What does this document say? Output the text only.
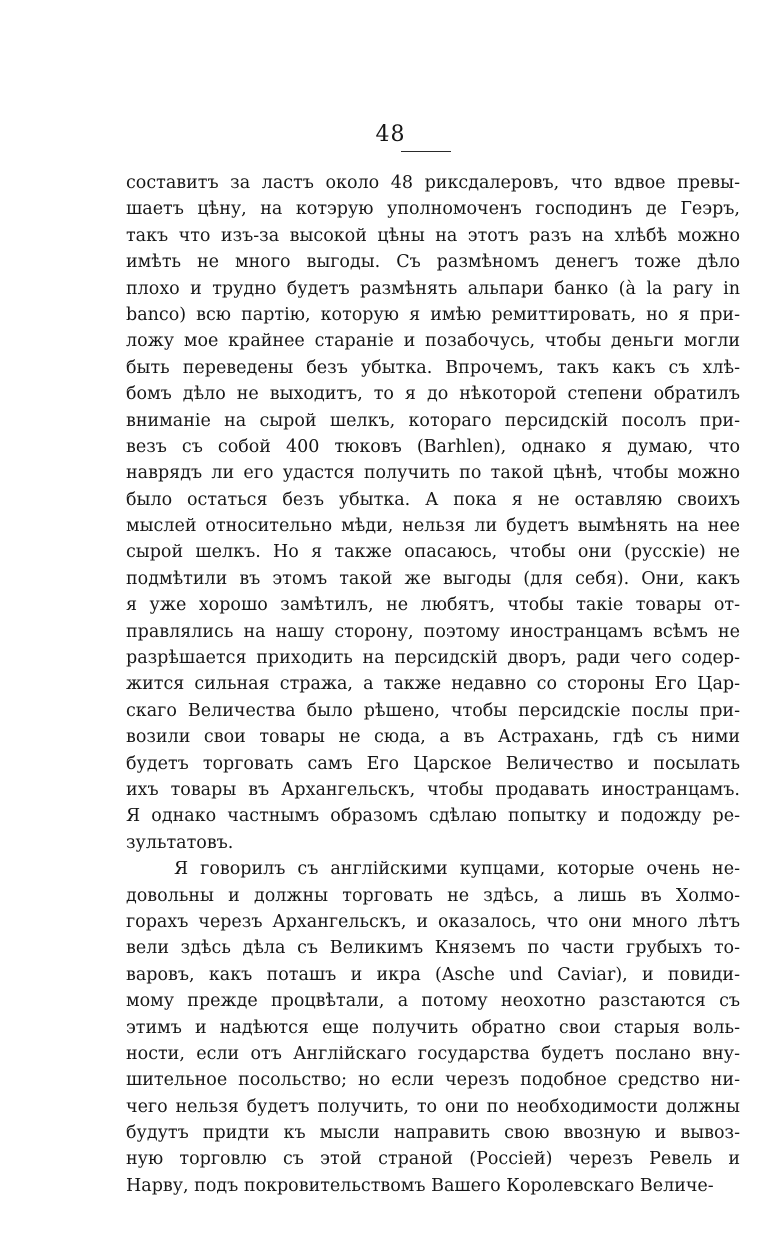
48
составитъ за ластъ около 48 риксдалеровъ, что вдвое превы-
шаетъ цѣну, на котэрую уполномоченъ господинъ де Геэръ,
такъ что изъ-за высокой цѣны на этотъ разъ на хлѣбѣ можно
имѣть не много выгоды. Съ размѣномъ денегъ тоже дѣло
плохо и трудно будетъ размѣнять альпари банко (à la pary in
banco) всю партію, которую я имѣю ремиттировать, но я при-
ложу мое крайнее стараніе и позабочусь, чтобы деньги могли
быть переведены безъ убытка. Впрочемъ, такъ какъ съ хлѣ-
бомъ дѣло не выходитъ, то я до нѣкоторой степени обратилъ
вниманіе на сырой шелкъ, котораго персидскій посолъ при-
везъ съ собой 400 тюковъ (Barhlen), однако я думаю, что
наврядъ ли его удастся получить по такой цѣнѣ, чтобы можно
было остаться безъ убытка. А пока я не оставляю своихъ
мыслей относительно мѣди, нельзя ли будетъ вымѣнять на нее
сырой шелкъ. Но я также опасаюсь, чтобы они (русскіе) не
подмѣтили въ этомъ такой же выгоды (для себя). Они, какъ
я уже хорошо замѣтилъ, не любятъ, чтобы такіе товары от-
правлялись на нашу сторону, поэтому иностранцамъ всѣмъ не
разрѣшается приходить на персидскій дворъ, ради чего содер-
жится сильная стража, а также недавно со стороны Его Цар-
скаго Величества было рѣшено, чтобы персидскіе послы при-
возили свои товары не сюда, а въ Астрахань, гдѣ съ ними
будетъ торговать самъ Его Царское Величество и посылать
ихъ товары въ Архангельскъ, чтобы продавать иностранцамъ.
Я однако частнымъ образомъ сдѣлаю попытку и подожду ре-
зультатовъ.
Я говорилъ съ англійскими купцами, которые очень не-
довольны и должны торговать не здѣсь, а лишь въ Холмо-
горахъ черезъ Архангельскъ, и оказалось, что они много лѣтъ
вели здѣсь дѣла съ Великимъ Княземъ по части грубыхъ то-
варовъ, какъ поташъ и икра (Asche und Caviar), и повиди-
мому прежде процвѣтали, а потому неохотно разстаются съ
этимъ и надѣются еще получить обратно свои старыя воль-
ности, если отъ Англійскаго государства будетъ послано вну-
шительное посольство; но если черезъ подобное средство ни-
чего нельзя будетъ получить, то они по необходимости должны
будутъ придти къ мысли направить свою ввозную и вывоз-
ную торговлю съ этой страной (Россіей) черезъ Ревель и
Нарву, подъ покровительствомъ Вашего Королевскаго Величе-
